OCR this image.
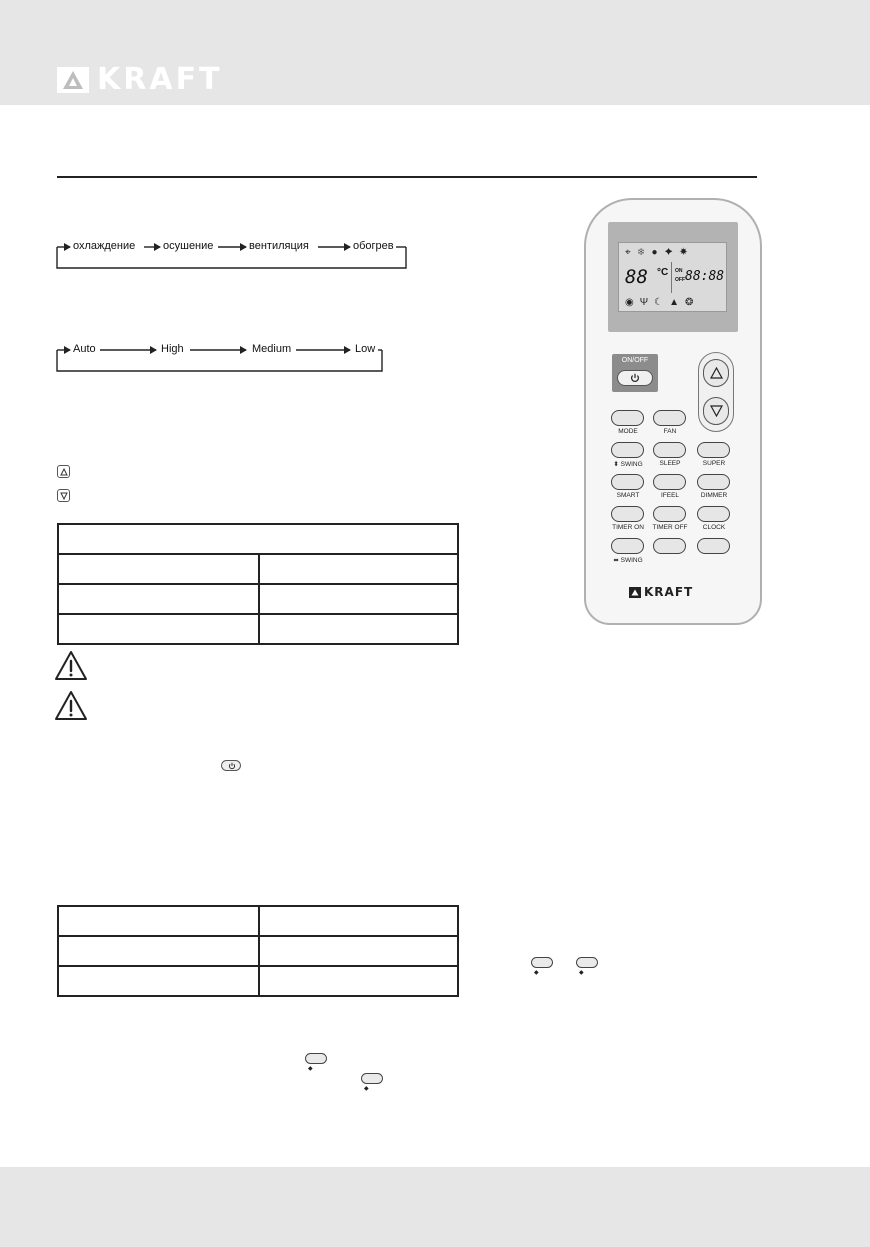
KRAFT
охлаждение	осушение	вентиляция	обогрев
Auto	High	Medium	Low

◆	◆
◆
◆
⌖❄●✦☀
88 °C ON
OFF 88:88
◉Ψ☾▲❂
ON/OFF
MODE	FAN
⬍ SWING	SLEEP	SUPER
SMART	IFEEL	DIMMER
TIMER ON	TIMER OFF	CLOCK
⬌ SWING
KRAFT
